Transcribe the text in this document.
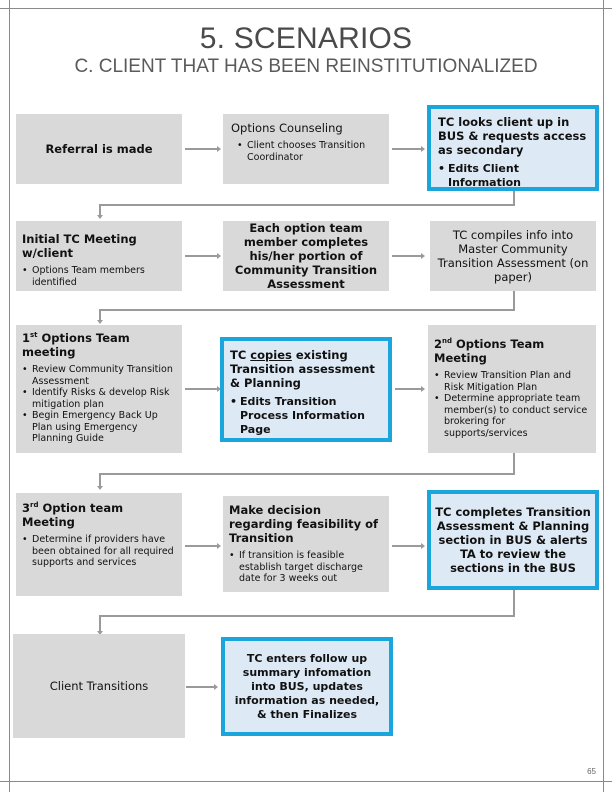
5. SCENARIOS
C. CLIENT THAT HAS BEEN REINSTITUTIONALIZED
Referral is made
Options Counseling
• Client chooses Transition Coordinator
TC looks client up in BUS & requests access as secondary
• Edits Client Information
Initial TC Meeting w/client
• Options Team members identified
Each option team member completes his/her portion of Community Transition Assessment
TC compiles info into Master Community Transition Assessment (on paper)
1st Options Team meeting
• Review Community Transition Assessment
• Identify Risks & develop Risk mitigation plan
• Begin Emergency Back Up Plan using Emergency Planning Guide
TC copies existing Transition assessment & Planning
• Edits Transition Process Information Page
2nd Options Team Meeting
• Review Transition Plan and Risk Mitigation Plan
• Determine appropriate team member(s) to conduct service brokering for supports/services
3rd Option team Meeting
• Determine if providers have been obtained for all required supports and services
Make decision regarding feasibility of Transition
• If transition is feasible establish target discharge date for 3 weeks out
TC completes Transition Assessment & Planning section in BUS & alerts TA to review the sections in the BUS
Client Transitions
TC enters follow up summary infomation into BUS, updates information as needed, & then Finalizes
65
